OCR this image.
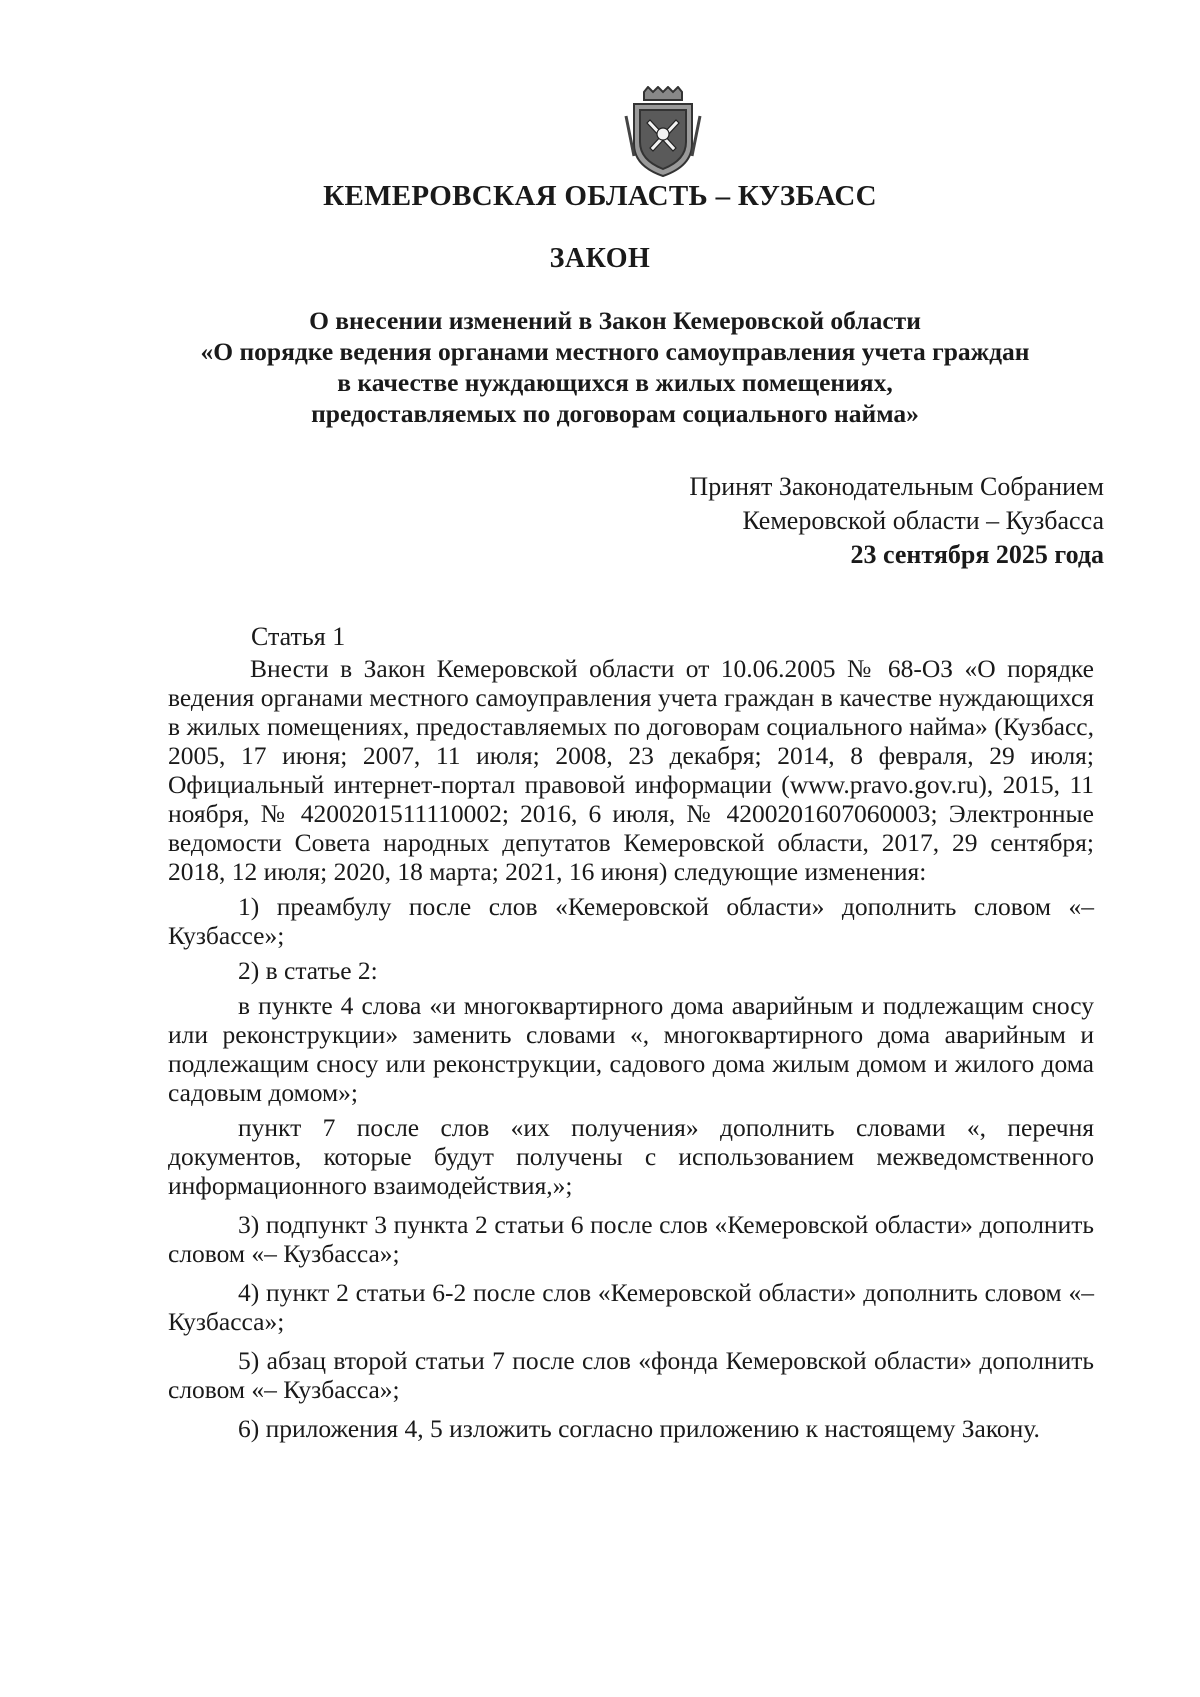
КЕМЕРОВСКАЯ ОБЛАСТЬ – КУЗБАСС
ЗАКОН
О внесении изменений в Закон Кемеровской области
«О порядке ведения органами местного самоуправления учета граждан
в качестве нуждающихся в жилых помещениях,
предоставляемых по договорам социального найма»
Принят Законодательным Собранием
Кемеровской области – Кузбасса
23 сентября 2025 года
Статья 1

Внести в Закон Кемеровской области от 10.06.2005 № 68-ОЗ «О порядке ведения органами местного самоуправления учета граждан в качестве нуждающихся в жилых помещениях, предоставляемых по договорам социального найма» (Кузбасс, 2005, 17 июня; 2007, 11 июля; 2008, 23 декабря; 2014, 8 февраля, 29 июля; Официальный интернет-портал правовой информации (www.pravo.gov.ru), 2015, 11 ноября, № 4200201511110002; 2016, 6 июля, № 4200201607060003; Электронные ведомости Совета народных депутатов Кемеровской области, 2017, 29 сентября; 2018, 12 июля; 2020, 18 марта; 2021, 16 июня) следующие изменения:

1) преамбулу после слов «Кемеровской области» дополнить словом «– Кузбассе»;

2) в статье 2:

в пункте 4 слова «и многоквартирного дома аварийным и подлежащим сносу или реконструкции» заменить словами «, многоквартирного дома аварийным и подлежащим сносу или реконструкции, садового дома жилым домом и жилого дома садовым домом»;

пункт 7 после слов «их получения» дополнить словами «, перечня документов, которые будут получены с использованием межведомственного информационного взаимодействия,»;

3) подпункт 3 пункта 2 статьи 6 после слов «Кемеровской области» дополнить словом «– Кузбасса»;

4) пункт 2 статьи 6-2 после слов «Кемеровской области» дополнить словом «– Кузбасса»;

5) абзац второй статьи 7 после слов «фонда Кемеровской области» дополнить словом «– Кузбасса»;

6) приложения 4, 5 изложить согласно приложению к настоящему Закону.
